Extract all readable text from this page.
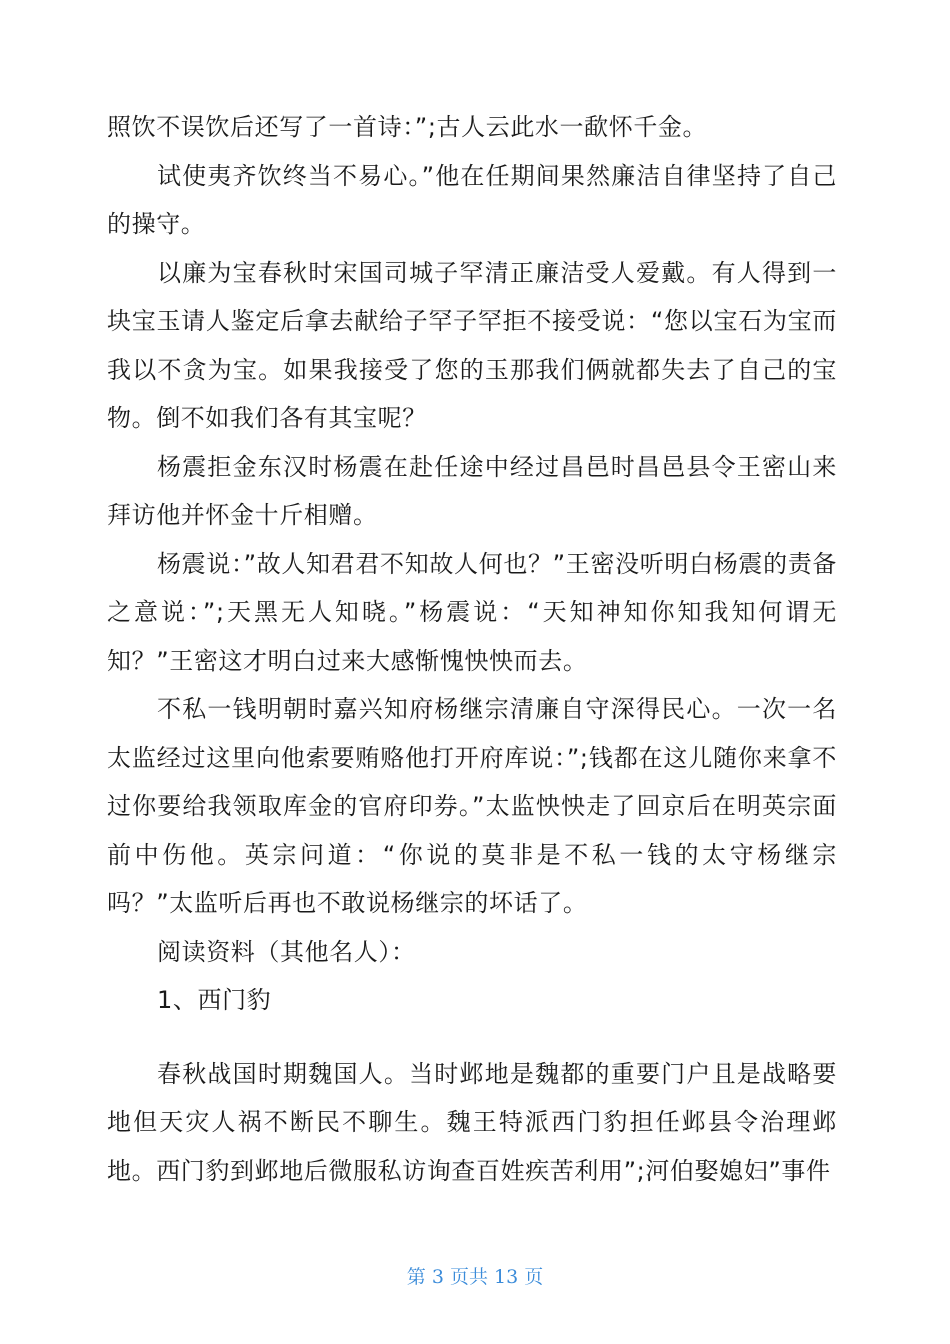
照饮不误饮后还写了一首诗：”;古人云此水一歃怀千金。

试使夷齐饮终当不易心。”他在任期间果然廉洁自律坚持了自己的操守。

以廉为宝春秋时宋国司城子罕清正廉洁受人爱戴。有人得到一块宝玉请人鉴定后拿去献给子罕子罕拒不接受说：“您以宝石为宝而我以不贪为宝。如果我接受了您的玉那我们俩就都失去了自己的宝物。倒不如我们各有其宝呢？

杨震拒金东汉时杨震在赴任途中经过昌邑时昌邑县令王密山来拜访他并怀金十斤相赠。

杨震说：”故人知君君不知故人何也？”王密没听明白杨震的责备之意说：”;天黑无人知晓。”杨震说：“天知神知你知我知何谓无知？”王密这才明白过来大感惭愧怏怏而去。

不私一钱明朝时嘉兴知府杨继宗清廉自守深得民心。一次一名太监经过这里向他索要贿赂他打开府库说：”;钱都在这儿随你来拿不过你要给我领取库金的官府印券。”太监怏怏走了回京后在明英宗面前中伤他。英宗问道：“你说的莫非是不私一钱的太守杨继宗吗？”太监听后再也不敢说杨继宗的坏话了。

阅读资料（其他名人）：

1、西门豹

春秋战国时期魏国人。当时邺地是魏都的重要门户且是战略要地但天灾人祸不断民不聊生。魏王特派西门豹担任邺县令治理邺地。西门豹到邺地后微服私访询查百姓疾苦利用”;河伯娶媳妇”事件

第 3 页共 13 页
